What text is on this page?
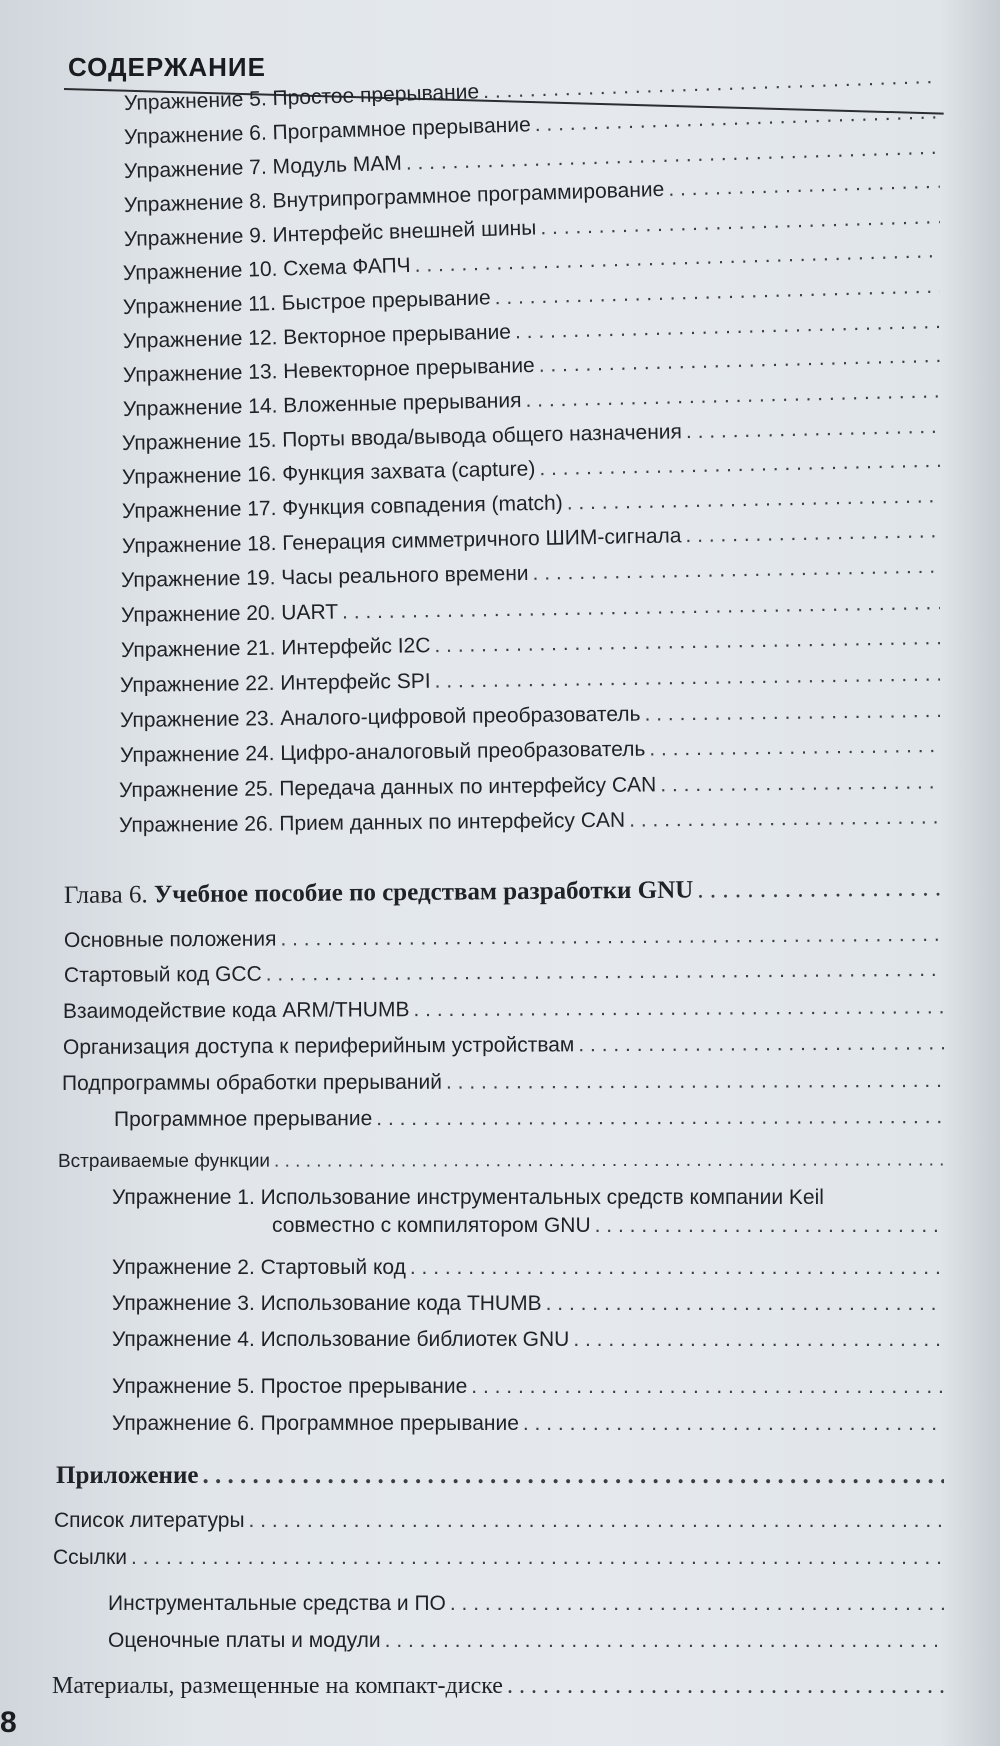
СОДЕРЖАНИЕ
Упражнение 5. Простое прерывание
. . .
Упражнение 6. Программное прерывание
. . .
Упражнение 7. Модуль МАМ
. . .
Упражнение 8. Внутрипрограммное программирование
. . .
Упражнение 9. Интерфейс внешней шины
. . .
Упражнение 10. Схема ФАПЧ
. . .
Упражнение 11. Быстрое прерывание
. . .
Упражнение 12. Векторное прерывание
. . .
Упражнение 13. Невекторное прерывание
. . .
Упражнение 14. Вложенные прерывания
. . .
Упражнение 15. Порты ввода/вывода общего назначения
. . .
Упражнение 16. Функция захвата (capture)
. . .
Упражнение 17. Функция совпадения (match)
. . .
Упражнение 18. Генерация симметричного ШИМ-сигнала
. . .
Упражнение 19. Часы реального времени
. . .
Упражнение 20. UART
. . .
Упражнение 21. Интерфейс I2C
. . .
Упражнение 22. Интерфейс SPI
. . .
Упражнение 23. Аналого-цифровой преобразователь
. . .
Упражнение 24. Цифро-аналоговый преобразователь
. . .
Упражнение 25. Передача данных по интерфейсу CAN
. . .
Упражнение 26. Прием данных по интерфейсу CAN
. . .
Глава 6. Учебное пособие по средствам разработки GNU
. . .
Основные положения
. . .
Стартовый код GCC
. . .
Взаимодействие кода ARM/THUMB
. . .
Организация доступа к периферийным устройствам
. . .
Подпрограммы обработки прерываний
. . .
Программное прерывание
. . .
Встраиваемые функции
. . .
Упражнение 1. Использование инструментальных средств компании Keil
совместно с компилятором GNU
. . .
Упражнение 2. Стартовый код
. . .
Упражнение 3. Использование кода THUMB
. . .
Упражнение 4. Использование библиотек GNU
. . .
Упражнение 5. Простое прерывание
. . .
Упражнение 6. Программное прерывание
. . .
Приложение
. . .
Список литературы
. . .
Ссылки
. . .
Инструментальные средства и ПО
. . .
Оценочные платы и модули
. . .
Материалы, размещенные на компакт-диске
. . .
8
